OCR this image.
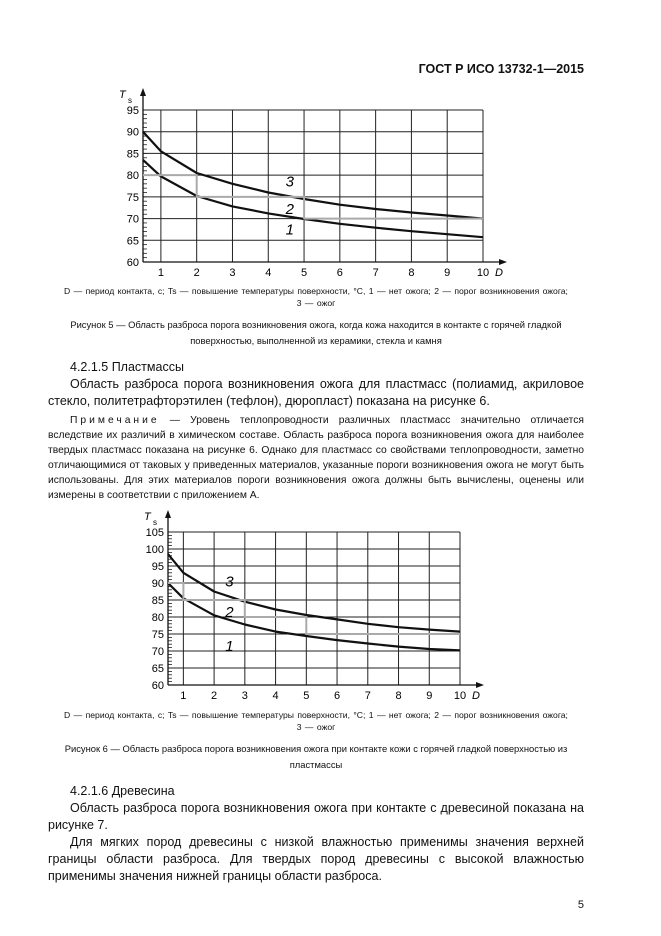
ГОСТ Р ИСО 13732-1—2015
60
65
70
75
80
85
90
95
1	2	3	4	5	6	7	8	9 10
T s
D
3
2
1
D — период контакта, с; Ts — повышение температуры поверхности, °C, 1 — нет ожога; 2 — порог возникновения ожога;
3 — ожог
Рисунок 5 — Область разброса порога возникновения ожога, когда кожа находится в контакте с горячей гладкой
поверхностью, выполненной из керамики, стекла и камня
4.2.1.5 Пластмассы

Область разброса порога возникновения ожога для пластмасс (полиамид, акриловое стекло, политетрафторэтилен (тефлон), дюропласт) показана на рисунке 6.

Примечание — Уровень теплопроводности различных пластмасс значительно отличается вследствие их различий в химическом составе. Область разброса порога возникновения ожога для наиболее твердых пластмасс показана на рисунке 6. Однако для пластмасс со свойствами теплопроводности, заметно отличающимися от таковых у приведенных материалов, указанные пороги возникновения ожога не могут быть использованы. Для этих материалов пороги возникновения ожога должны быть вычислены, оценены или измерены в соответствии с приложением А.

60
65
70
75
80
85
90
95
100
105
1 2 3 4 5 6 7 8 9 10
T s
D
3
2
1
D — период контакта, с; Ts — повышение температуры поверхности, °C; 1 — нет ожога; 2 — порог возникновения ожога;
3 — ожог
Рисунок 6 — Область разброса порога возникновения ожога при контакте кожи с горячей гладкой поверхностью из
пластмассы
4.2.1.6 Древесина

Область разброса порога возникновения ожога при контакте с древесиной показана на рисунке 7.

Для мягких пород древесины с низкой влажностью применимы значения верхней границы области разброса. Для твердых пород древесины с высокой влажностью применимы значения нижней границы области разброса.

5
